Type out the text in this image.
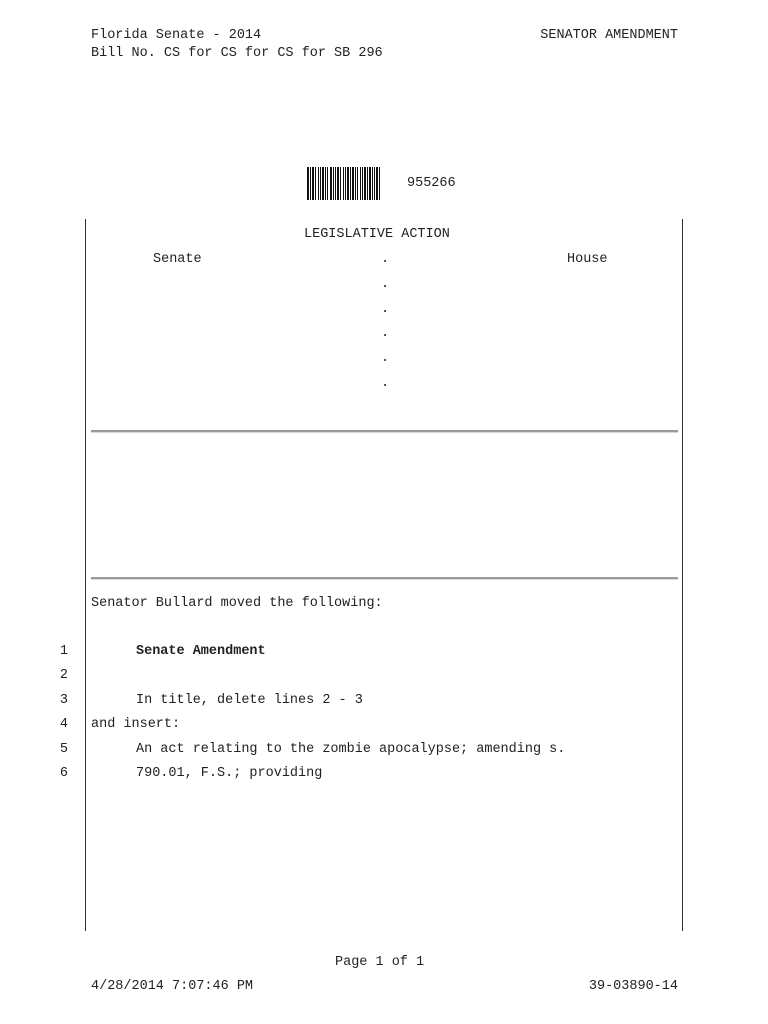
Florida Senate - 2014
Bill No. CS for CS for CS for SB 296
SENATOR AMENDMENT
955266
LEGISLATIVE ACTION
Senate	House
.
.
.
.
.
.
Senator Bullard moved the following:
1	Senate Amendment
2
3	In title, delete lines 2 - 3
4 and insert:
5	An act relating to the zombie apocalypse; amending s.
6	790.01, F.S.; providing
Page 1 of 1
4/28/2014 7:07:46 PM	39-03890-14
